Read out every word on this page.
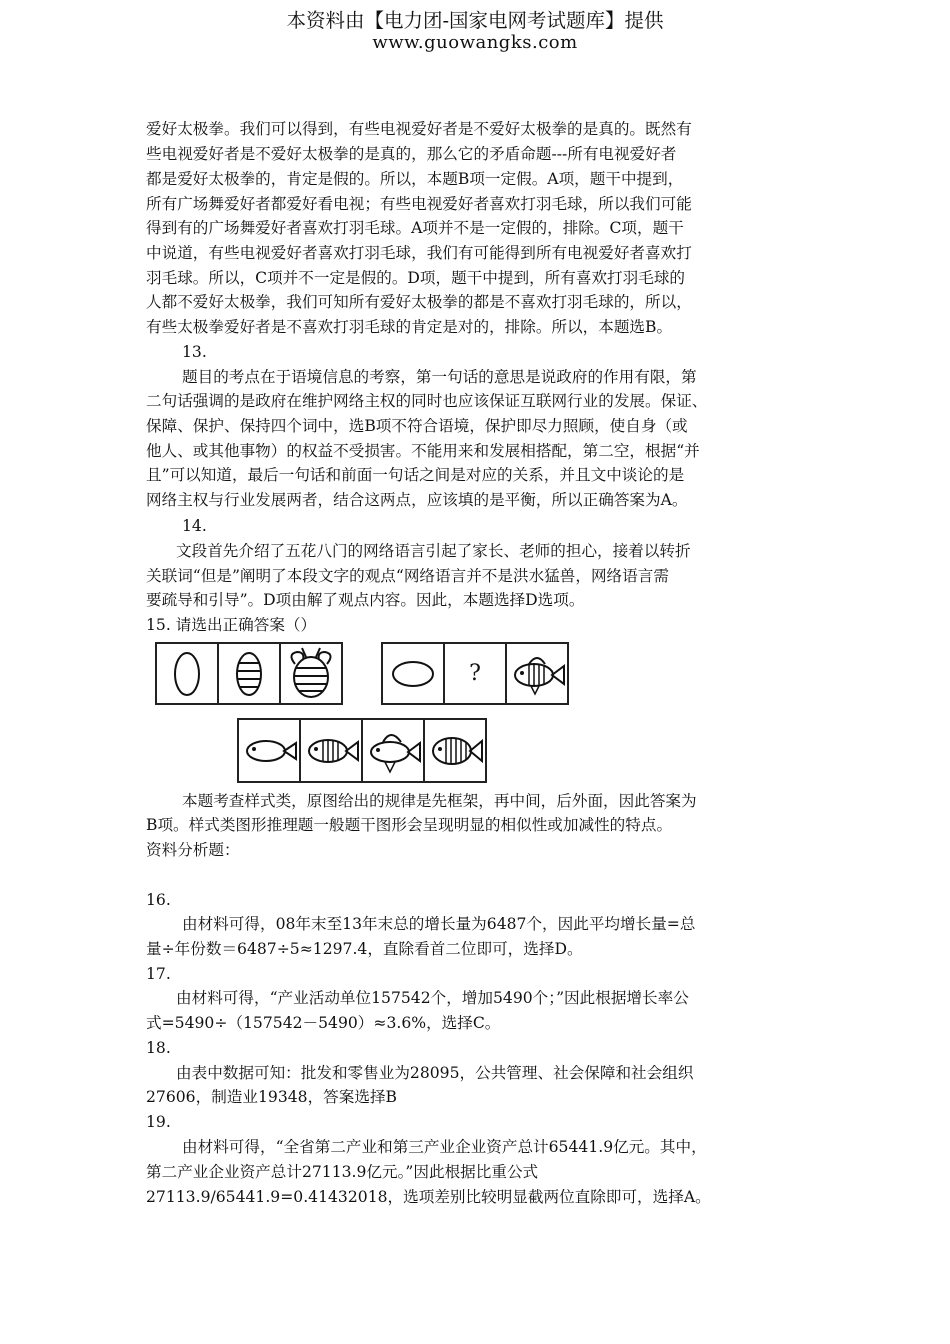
本资料由【电力团-国家电网考试题库】提供
www.guowangks.com
爱好太极拳。我们可以得到，有些电视爱好者是不爱好太极拳的是真的。既然有
些电视爱好者是不爱好太极拳的是真的，那么它的矛盾命题---所有电视爱好者
都是爱好太极拳的，肯定是假的。所以，本题B项一定假。A项，题干中提到，
所有广场舞爱好者都爱好看电视；有些电视爱好者喜欢打羽毛球，所以我们可能
得到有的广场舞爱好者喜欢打羽毛球。A项并不是一定假的，排除。C项，题干
中说道，有些电视爱好者喜欢打羽毛球，我们有可能得到所有电视爱好者喜欢打
羽毛球。所以，C项并不一定是假的。D项，题干中提到，所有喜欢打羽毛球的
人都不爱好太极拳，我们可知所有爱好太极拳的都是不喜欢打羽毛球的，所以，
有些太极拳爱好者是不喜欢打羽毛球的肯定是对的，排除。所以，本题选B。
13.
题目的考点在于语境信息的考察，第一句话的意思是说政府的作用有限，第
二句话强调的是政府在维护网络主权的同时也应该保证互联网行业的发展。保证、
保障、保护、保持四个词中，选B项不符合语境，保护即尽力照顾，使自身（或
他人、或其他事物）的权益不受损害。不能用来和发展相搭配，第二空，根据“并
且”可以知道，最后一句话和前面一句话之间是对应的关系，并且文中谈论的是
网络主权与行业发展两者，结合这两点，应该填的是平衡，所以正确答案为A。
14.
文段首先介绍了五花八门的网络语言引起了家长、老师的担心，接着以转折
关联词“但是”阐明了本段文字的观点“网络语言并不是洪水猛兽，网络语言需
要疏导和引导”。D项由解了观点内容。因此，本题选择D选项。
15. 请选出正确答案（）
?
本题考查样式类，原图给出的规律是先框架，再中间，后外面，因此答案为
B项。样式类图形推理题一般题干图形会呈现明显的相似性或加减性的特点。
资料分析题：
16.
由材料可得，08年末至13年末总的增长量为6487个，因此平均增长量=总
量÷年份数＝6487÷5≈1297.4，直除看首二位即可，选择D。
17.
由材料可得，“产业活动单位157542个，增加5490个；”因此根据增长率公
式=5490÷（157542－5490）≈3.6%，选择C。
18.
由表中数据可知：批发和零售业为28095，公共管理、社会保障和社会组织
27606，制造业19348，答案选择B
19.
由材料可得，“全省第二产业和第三产业企业资产总计65441.9亿元。其中，
第二产业企业资产总计27113.9亿元。”因此根据比重公式
27113.9/65441.9=0.41432018，选项差别比较明显截两位直除即可，选择A。
